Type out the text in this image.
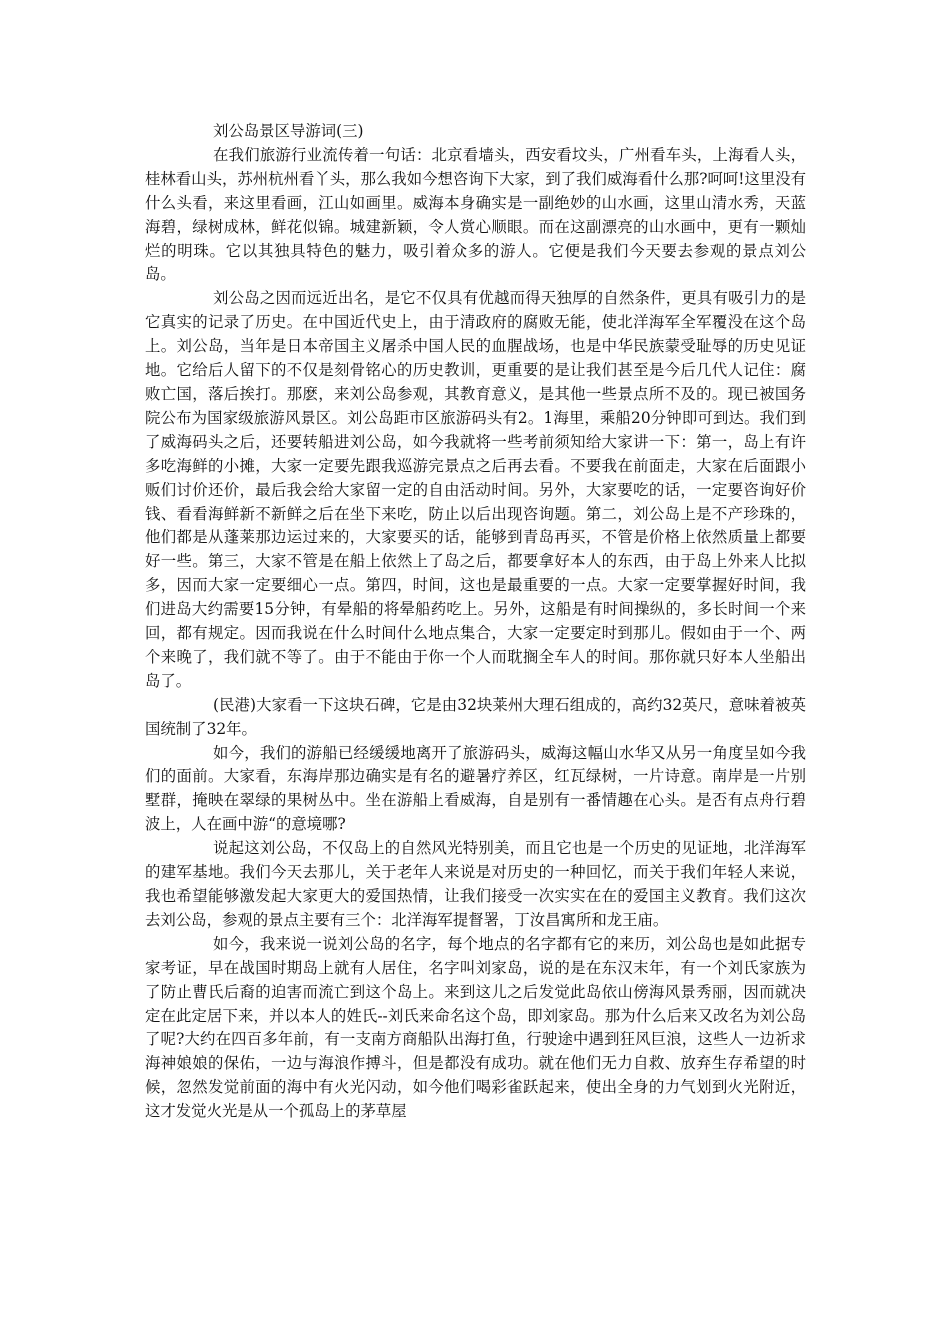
刘公岛景区导游词(三)

在我们旅游行业流传着一句话：北京看墙头，西安看坟头，广州看车头，上海看人头，桂林看山头，苏州杭州看丫头，那么我如今想咨询下大家，到了我们威海看什么那?呵呵!这里没有什么头看，来这里看画，江山如画里。威海本身确实是一副绝妙的山水画，这里山清水秀，天蓝海碧，绿树成林，鲜花似锦。城建新颖，令人赏心顺眼。而在这副漂亮的山水画中，更有一颗灿烂的明珠。它以其独具特色的魅力，吸引着众多的游人。它便是我们今天要去参观的景点刘公岛。

刘公岛之因而远近出名，是它不仅具有优越而得天独厚的自然条件，更具有吸引力的是它真实的记录了历史。在中国近代史上，由于清政府的腐败无能，使北洋海军全军覆没在这个岛上。刘公岛，当年是日本帝国主义屠杀中国人民的血腥战场，也是中华民族蒙受耻辱的历史见证地。它给后人留下的不仅是刻骨铭心的历史教训，更重要的是让我们甚至是今后几代人记住：腐败亡国，落后挨打。那麽，来刘公岛参观，其教育意义，是其他一些景点所不及的。现已被国务院公布为国家级旅游风景区。刘公岛距市区旅游码头有2。1海里，乘船20分钟即可到达。我们到了威海码头之后，还要转船进刘公岛，如今我就将一些考前须知给大家讲一下：第一，岛上有许多吃海鲜的小摊，大家一定要先跟我巡游完景点之后再去看。不要我在前面走，大家在后面跟小贩们讨价还价，最后我会给大家留一定的自由活动时间。另外，大家要吃的话，一定要咨询好价钱、看看海鲜新不新鲜之后在坐下来吃，防止以后出现咨询题。第二，刘公岛上是不产珍珠的，他们都是从蓬莱那边运过来的，大家要买的话，能够到青岛再买，不管是价格上依然质量上都要好一些。第三，大家不管是在船上依然上了岛之后，都要拿好本人的东西，由于岛上外来人比拟多，因而大家一定要细心一点。第四，时间，这也是最重要的一点。大家一定要掌握好时间，我们进岛大约需要15分钟，有晕船的将晕船药吃上。另外，这船是有时间操纵的，多长时间一个来回，都有规定。因而我说在什么时间什么地点集合，大家一定要定时到那儿。假如由于一个、两个来晚了，我们就不等了。由于不能由于你一个人而耽搁全车人的时间。那你就只好本人坐船出岛了。

(民港)大家看一下这块石碑，它是由32块莱州大理石组成的，高约32英尺，意味着被英国统制了32年。

如今，我们的游船已经缓缓地离开了旅游码头，威海这幅山水华又从另一角度呈如今我们的面前。大家看，东海岸那边确实是有名的避暑疗养区，红瓦绿树，一片诗意。南岸是一片别墅群，掩映在翠绿的果树丛中。坐在游船上看威海，自是别有一番情趣在心头。是否有点舟行碧波上，人在画中游“的意境哪?

说起这刘公岛，不仅岛上的自然风光特别美，而且它也是一个历史的见证地，北洋海军的建军基地。我们今天去那儿，关于老年人来说是对历史的一种回忆，而关于我们年轻人来说，我也希望能够激发起大家更大的爱国热情，让我们接受一次实实在在的爱国主义教育。我们这次去刘公岛，参观的景点主要有三个：北洋海军提督署，丁汝昌寓所和龙王庙。

如今，我来说一说刘公岛的名字，每个地点的名字都有它的来历，刘公岛也是如此据专家考证，早在战国时期岛上就有人居住，名字叫刘家岛，说的是在东汉末年，有一个刘氏家族为了防止曹氏后裔的迫害而流亡到这个岛上。来到这儿之后发觉此岛依山傍海风景秀丽，因而就决定在此定居下来，并以本人的姓氏--刘氏来命名这个岛，即刘家岛。那为什么后来又改名为刘公岛了呢?大约在四百多年前，有一支南方商船队出海打鱼，行驶途中遇到狂风巨浪，这些人一边祈求海神娘娘的保佑，一边与海浪作搏斗，但是都没有成功。就在他们无力自救、放弃生存希望的时候，忽然发觉前面的海中有火光闪动，如今他们喝彩雀跃起来，使出全身的力气划到火光附近，这才发觉火光是从一个孤岛上的茅草屋
